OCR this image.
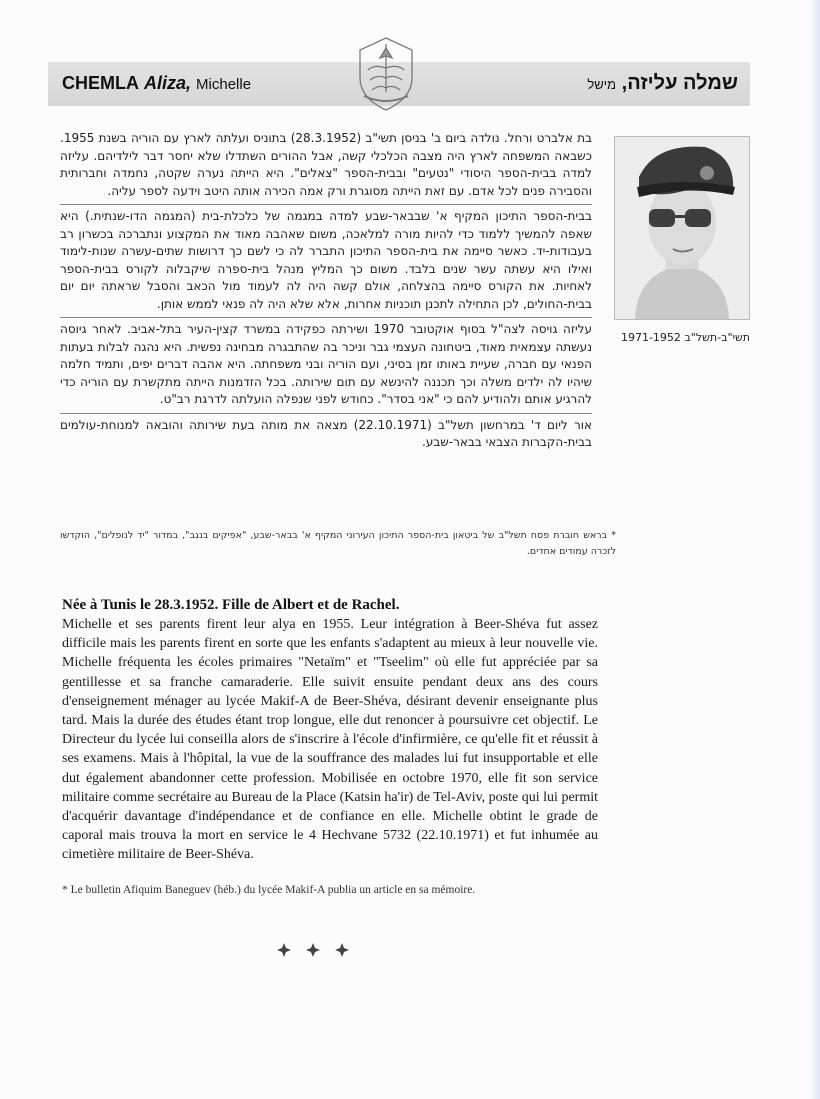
CHEMLA Aliza, Michelle	שמלה עליזה, מישל

בת אלברט ורחל. נולדה ביום ב' בניסן תשי"ב (28.3.1952) בתוניס ועלתה לארץ עם הוריה בשנת 1955. כשבאה המשפחה לארץ היה מצבה הכלכלי קשה, אבל ההורים השתדלו שלא יחסר דבר לילדיהם. עליזה למדה בבית-הספר היסודי "נטעים" ובבית-הספר "צאלים". היא הייתה נערה שקטה, נחמדה וחברותית והסבירה פנים לכל אדם. עם זאת הייתה מסוגרת ורק אמה הכירה אותה היטב וידעה לספר עליה.

בבית-הספר התיכון המקיף א' שבבאר-שבע למדה במגמה של כלכלת-בית (המגמה הדו-שנתית.) היא שאפה להמשיך ללמוד כדי להיות מורה למלאכה, משום שאהבה מאוד את המקצוע ונתברכה בכשרון רב בעבודות-יד. כאשר סיימה את בית-הספר התיכון התברר לה כי לשם כך דרושות שתים-עשרה שנות-לימוד ואילו היא עשתה עשר שנים בלבד. משום כך המליץ מנהל בית-ספרה שיקבלוה לקורס בבית-הספר לאחיות. את הקורס סיימה בהצלחה, אולם קשה היה לה לעמוד מול הכאב והסבל שראתה יום יום בבית-החולים, לכן התחילה לתכנן תוכניות אחרות, אלא שלא היה לה פנאי לממש אותן.

עליזה גויסה לצה"ל בסוף אוקטובר 1970 ושירתה כפקידה במשרד קצין-העיר בתל-אביב. לאחר גיוסה נעשתה עצמאית מאוד, ביטחונה העצמי גבר וניכר בה שהתבגרה מבחינה נפשית. היא נהגה לבלות בעתות הפנאי עם חברה, שעיית באותו זמן בסיני, ועם הוריה ובני משפחתה. היא אהבה דברים יפים, ותמיד חלמה שיהיו לה ילדים משלה וכך תכננה להינשא עם תום שירותה. בכל הזדמנות הייתה מתקשרת עם הוריה כדי להרגיע אותם ולהודיע להם כי "אני בסדר". כחודש לפני שנפלה הועלתה לדרגת רב"ט.

אור ליום ד' במרחשון תשל"ב (22.10.1971) מצאה את מותה בעת שירותה והובאה למנוחת-עולמים בבית-הקברות הצבאי בבאר-שבע.

* בראש חוברת פסח תשל"ב של ביטאון בית-הספר התיכון העירוני המקיף א' בבאר-שבע, "אפיקים בנגב", במדור "יד לנופלים", הוקדשו לזכרה עמודים אחדים.
תשי"ב-תשל"ב 1971-1952
Née à Tunis le 28.3.1952. Fille de Albert et de Rachel.
Michelle et ses parents firent leur alya en 1955. Leur intégration à Beer-Shéva fut assez difficile mais les parents firent en sorte que les enfants s'adaptent au mieux à leur nouvelle vie. Michelle fréquenta les écoles primaires "Netaïm" et "Tseelim" où elle fut appréciée par sa gentillesse et sa franche camaraderie. Elle suivit ensuite pendant deux ans des cours d'enseignement ménager au lycée Makif-A de Beer-Shéva, désirant devenir enseignante plus tard. Mais la durée des études étant trop longue, elle dut renoncer à poursuivre cet objectif. Le Directeur du lycée lui conseilla alors de s'inscrire à l'école d'infirmière, ce qu'elle fit et réussit à ses examens. Mais à l'hôpital, la vue de la souffrance des malades lui fut insupportable et elle dut également abandonner cette profession. Mobilisée en octobre 1970, elle fit son service militaire comme secrétaire au Bureau de la Place (Katsin ha'ir) de Tel-Aviv, poste qui lui permit d'acquérir davantage d'indépendance et de confiance en elle. Michelle obtint le grade de caporal mais trouva la mort en service le 4 Hechvane 5732 (22.10.1971) et fut inhumée au cimetière militaire de Beer-Shéva.
* Le bulletin Afiquim Baneguev (héb.) du lycée Makif-A publia un article en sa mémoire.
